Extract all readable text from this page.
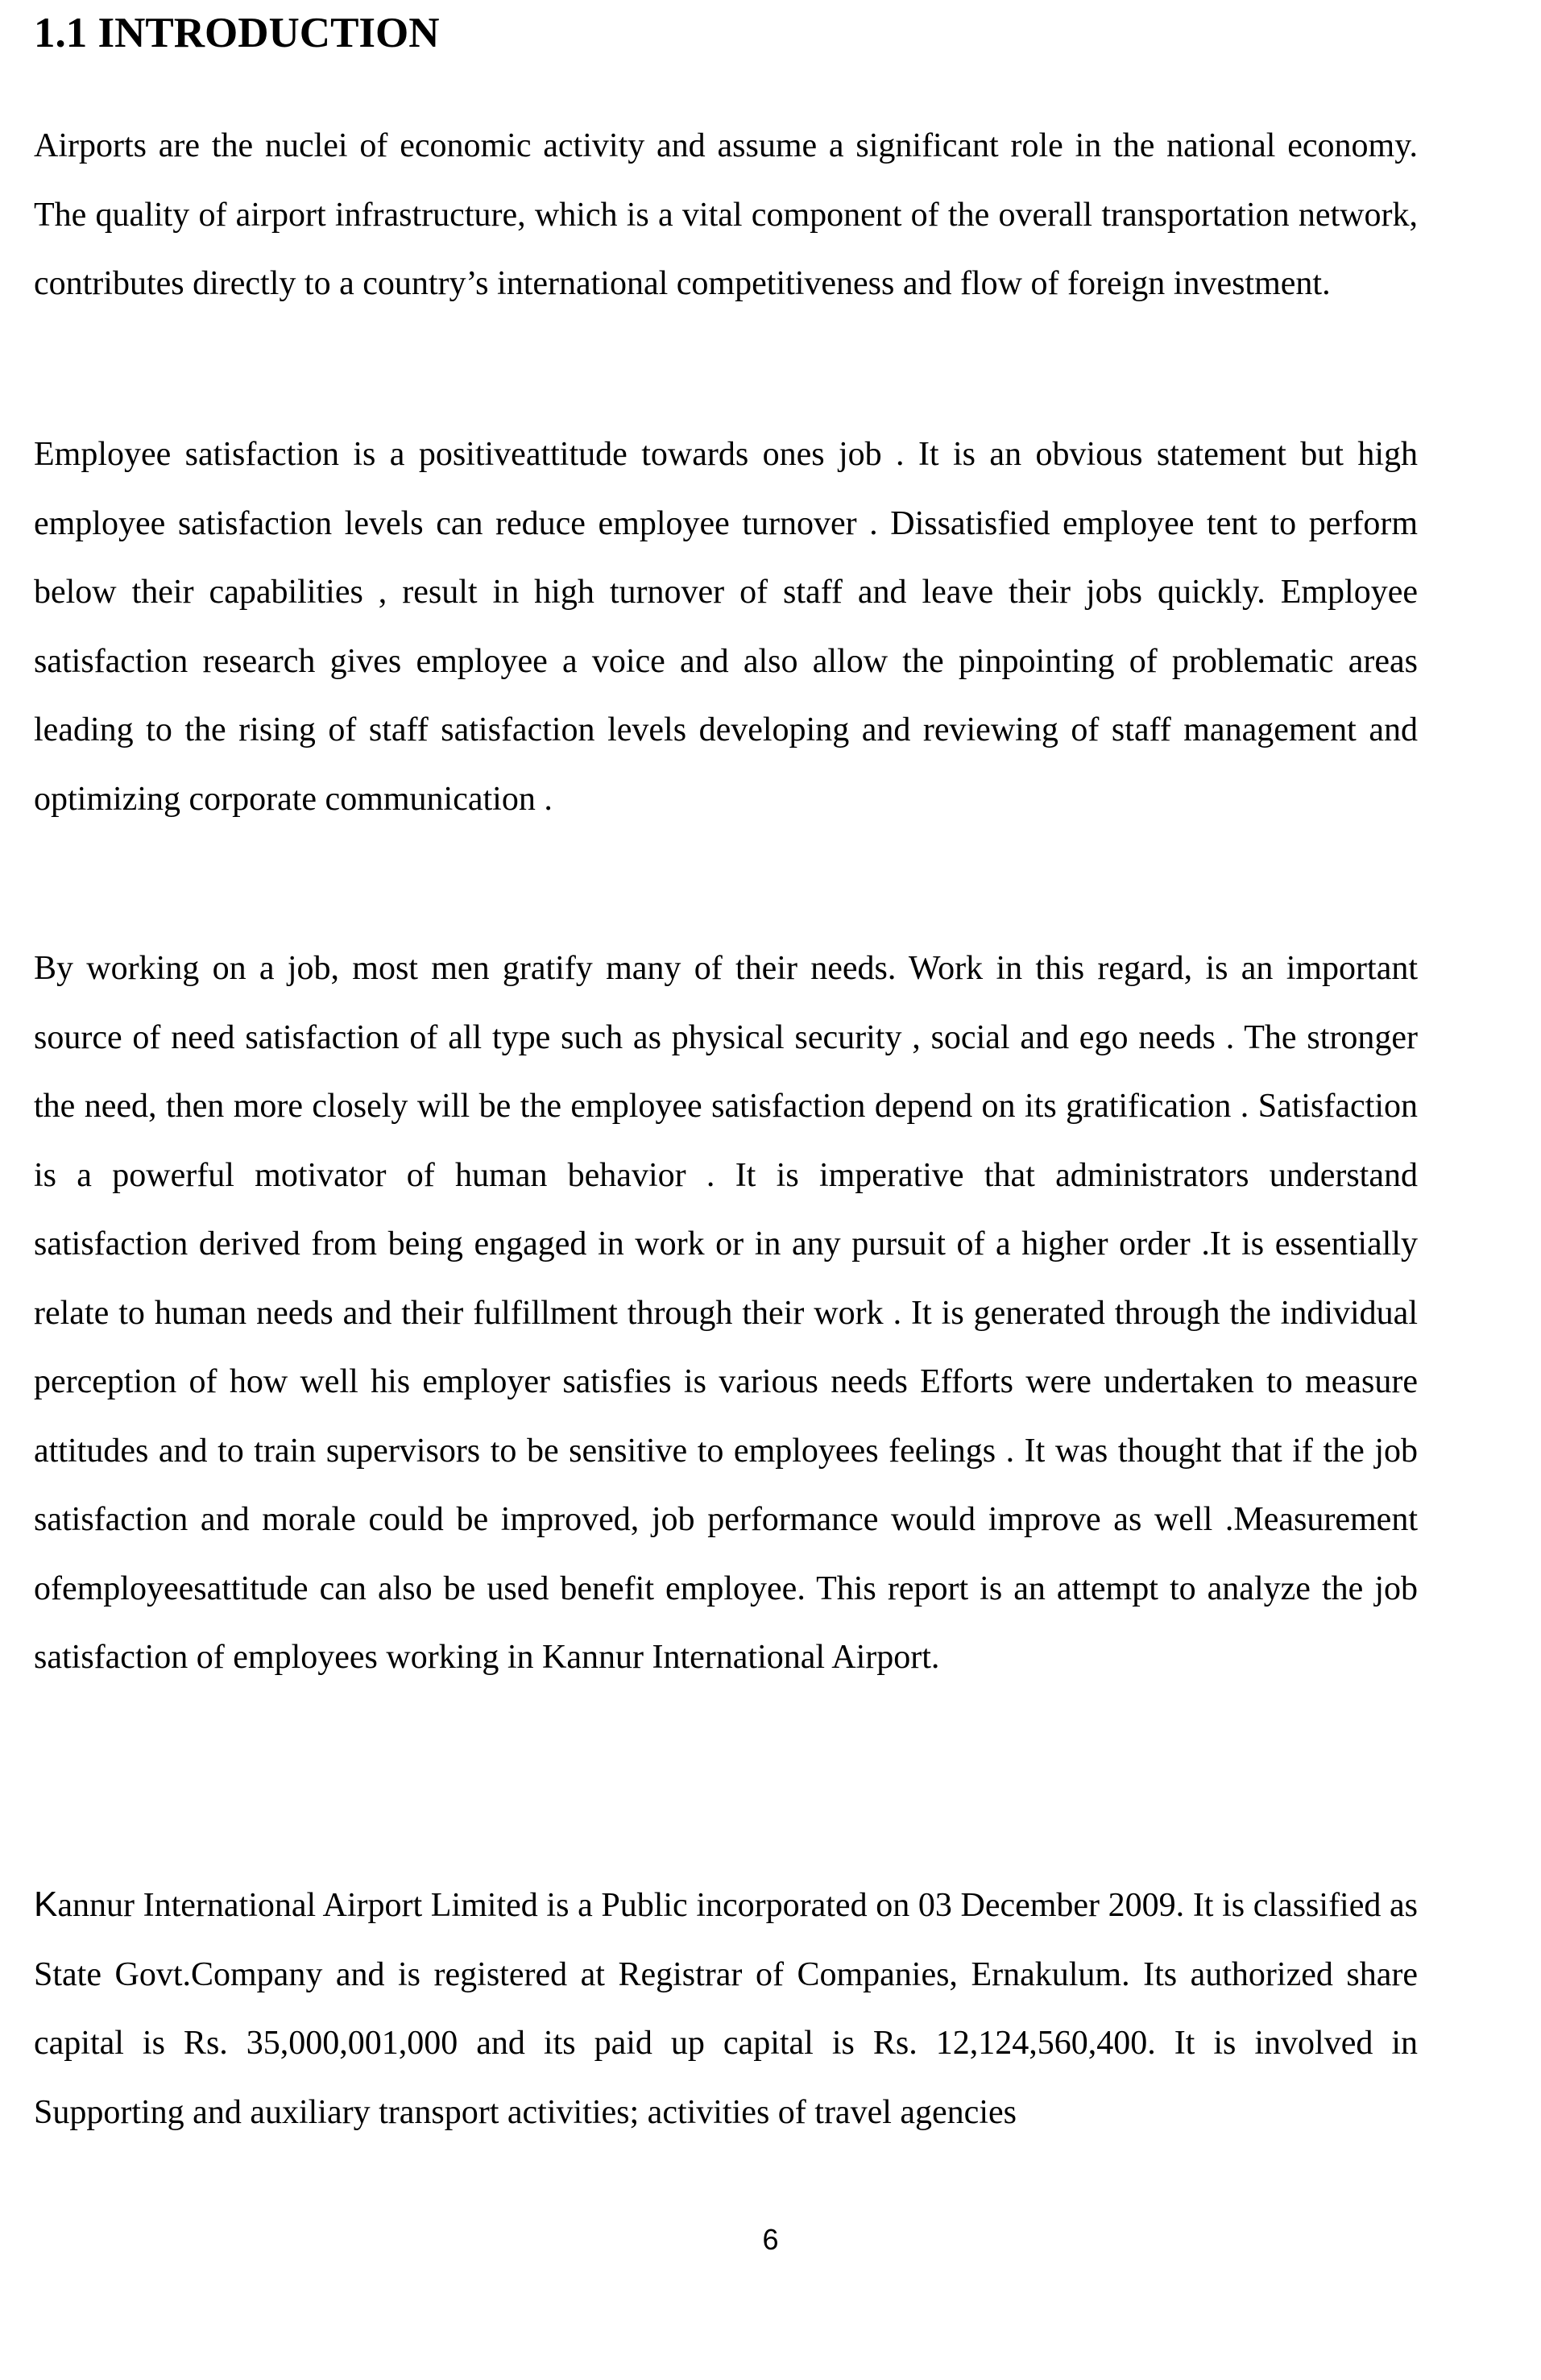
1.1 INTRODUCTION

Airports are the nuclei of economic activity and assume a significant role in the national economy. The quality of airport infrastructure, which is a vital component of the overall transportation network, contributes directly to a country’s international competitiveness and flow of foreign investment.

Employee satisfaction is a positiveattitude towards ones job . It is an obvious statement but high employee satisfaction levels can reduce employee turnover . Dissatisfied employee tent to perform below their capabilities , result in high turnover of staff and leave their jobs quickly. Employee satisfaction research gives employee a voice and also allow the pinpointing of problematic areas leading to the rising of staff satisfaction levels developing and reviewing of staff management and optimizing corporate communication .

By working on a job, most men gratify many of their needs. Work in this regard, is an important source of need satisfaction of all type such as physical security , social and ego needs . The stronger the need, then more closely will be the employee satisfaction depend on its gratification . Satisfaction is a powerful motivator of human behavior . It is imperative that administrators understand satisfaction derived from being engaged in work or in any pursuit of a higher order .It is essentially relate to human needs and their fulfillment through their work . It is generated through the individual perception of how well his employer satisfies is various needs Efforts were undertaken to measure attitudes and to train supervisors to be sensitive to employees feelings . It was thought that if the job satisfaction and morale could be improved, job performance would improve as well .Measurement ofemployeesattitude can also be used benefit employee. This report is an attempt to analyze the job satisfaction of employees working in Kannur International Airport.

Kannur International Airport Limited is a Public incorporated on 03 December 2009. It is classified as State Govt.Company and is registered at Registrar of Companies, Ernakulum. Its authorized share capital is Rs. 35,000,001,000 and its paid up capital is Rs. 12,124,560,400. It is involved in Supporting and auxiliary transport activities; activities of travel agencies

6
